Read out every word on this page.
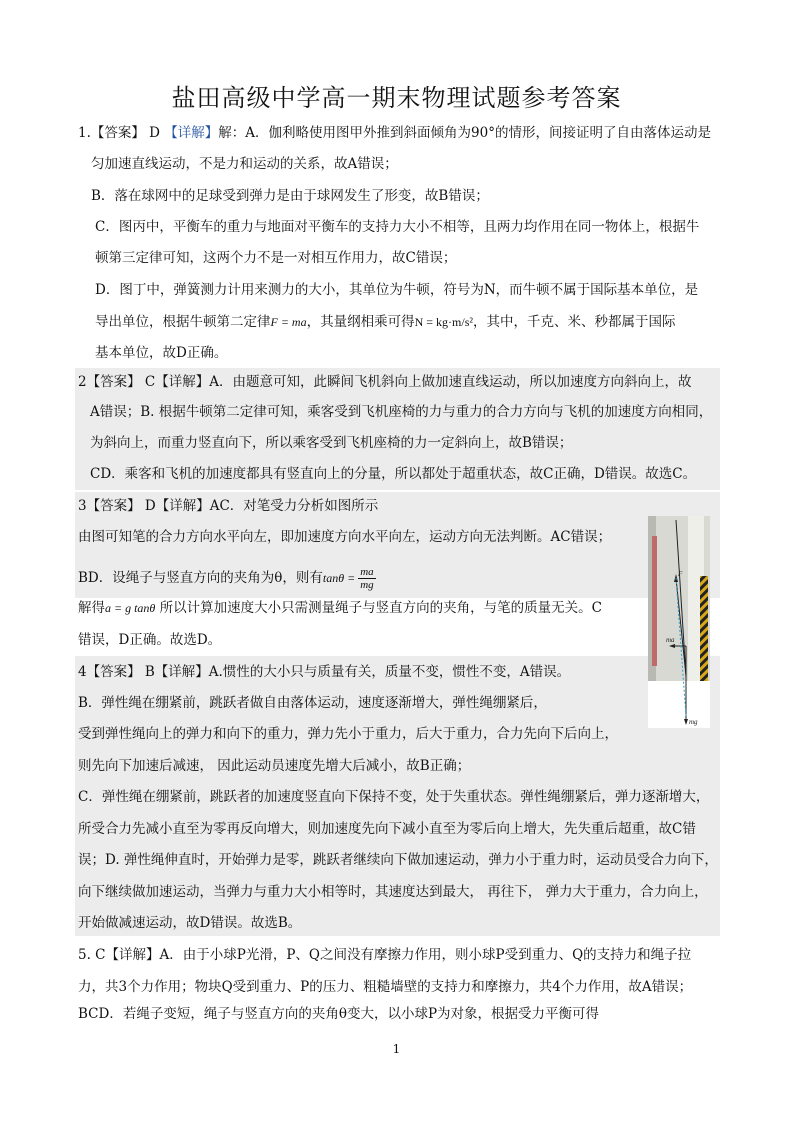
盐田高级中学高一期末物理试题参考答案
1.【答案】 D 【详解】解：A．伽利略使用图甲外推到斜面倾角为90°的情形，间接证明了自由落体运动是
匀加速直线运动，不是力和运动的关系，故A错误；
B．落在球网中的足球受到弹力是由于球网发生了形变，故B错误；
C．图丙中，平衡车的重力与地面对平衡车的支持力大小不相等，且两力均作用在同一物体上，根据牛
顿第三定律可知，这两个力不是一对相互作用力，故C错误；
D．图丁中，弹簧测力计用来测力的大小，其单位为牛顿，符号为N，而牛顿不属于国际基本单位，是
导出单位，根据牛顿第二定律F = ma，其量纲相乘可得N = kg·m/s²，其中，千克、米、秒都属于国际
基本单位，故D正确。
2【答案】 C【详解】A．由题意可知，此瞬间飞机斜向上做加速直线运动，所以加速度方向斜向上，故
A错误；B. 根据牛顿第二定律可知，乘客受到飞机座椅的力与重力的合力方向与飞机的加速度方向相同，
为斜向上，而重力竖直向下，所以乘客受到飞机座椅的力一定斜向上，故B错误；
CD．乘客和飞机的加速度都具有竖直向上的分量，所以都处于超重状态，故C正确，D错误。故选C。
3【答案】 D【详解】AC．对笔受力分析如图所示
由图可知笔的合力方向水平向左，即加速度方向水平向左，运动方向无法判断。AC错误；
BD．设绳子与竖直方向的夹角为θ，则有$\tan\theta = \frac{ma}{mg}$
解得a = g tanθ 所以计算加速度大小只需测量绳子与竖直方向的夹角，与笔的质量无关。C
错误，D正确。故选D。
4【答案】 B【详解】A.惯性的大小只与质量有关，质量不变，惯性不变，A错误。
B．弹性绳在绷紧前，跳跃者做自由落体运动，速度逐渐增大，弹性绳绷紧后，
受到弹性绳向上的弹力和向下的重力，弹力先小于重力，后大于重力，合力先向下后向上，
则先向下加速后减速， 因此运动员速度先增大后减小，故B正确；
C．弹性绳在绷紧前，跳跃者的加速度竖直向下保持不变，处于失重状态。弹性绳绷紧后，弹力逐渐增大，
所受合力先减小直至为零再反向增大，则加速度先向下减小直至为零后向上增大，先失重后超重，故C错
误；D. 弹性绳伸直时，开始弹力是零，跳跃者继续向下做加速运动，弹力小于重力时，运动员受合力向下，
向下继续做加速运动，当弹力与重力大小相等时，其速度达到最大， 再往下， 弹力大于重力，合力向上，
开始做减速运动，故D错误。故选B。
5. C【详解】A．由于小球P光滑，P、Q之间没有摩擦力作用，则小球P受到重力、Q的支持力和绳子拉
力，共3个力作用；物块Q受到重力、P的压力、粗糙墙壁的支持力和摩擦力，共4个力作用，故A错误；
BCD．若绳子变短，绳子与竖直方向的夹角θ变大，以小球P为对象，根据受力平衡可得
F
ma
mg
1
